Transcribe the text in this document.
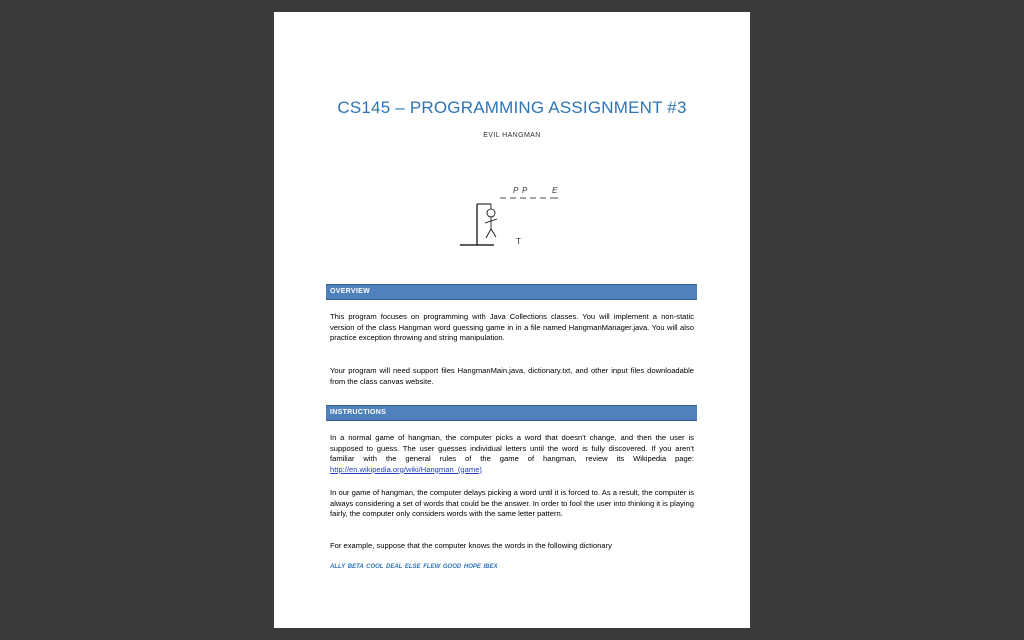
CS145 – PROGRAMMING ASSIGNMENT #3
EVIL HANGMAN
P P	E
T
OVERVIEW
This program focuses on programming with Java Collections classes. You will implement a non-static version of the class Hangman word guessing game in in a file named HangmanManager.java. You will also practice exception throwing and string manipulation.
Your program will need support files HangmanMain.java, dictionary.txt, and other input files downloadable from the class canvas website.
INSTRUCTIONS
In a normal game of hangman, the computer picks a word that doesn't change, and then the user is supposed to guess. The user guesses individual letters until the word is fully discovered. If you aren't familiar with the general rules of the game of hangman, review its Wikipedia page: http://en.wikipedia.org/wiki/Hangman_(game)
In our game of hangman, the computer delays picking a word until it is forced to. As a result, the computer is always considering a set of words that could be the answer. In order to fool the user into thinking it is playing fairly, the computer only considers words with the same letter pattern.
For example, suppose that the computer knows the words in the following dictionary
ALLY BETA COOL DEAL ELSE FLEW GOOD HOPE IBEX
